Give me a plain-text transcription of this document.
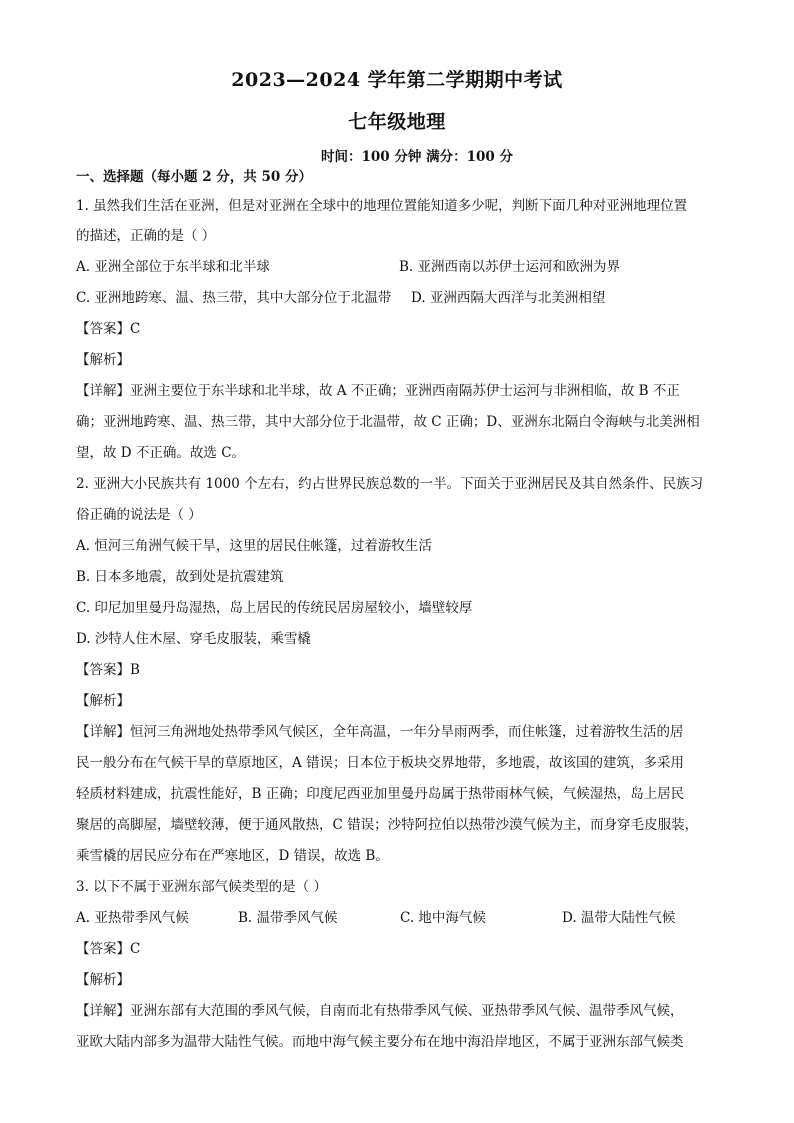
2023—2024 学年第二学期期中考试
七年级地理
时间：100 分钟 满分：100 分
一、选择题（每小题 2 分，共 50 分）
1. 虽然我们生活在亚洲，但是对亚洲在全球中的地理位置能知道多少呢，判断下面几种对亚洲地理位置
的描述，正确的是（ ）
A. 亚洲全部位于东半球和北半球	B. 亚洲西南以苏伊士运河和欧洲为界
C. 亚洲地跨寒、温、热三带，其中大部分位于北温带 D. 亚洲西隔大西洋与北美洲相望
【答案】C
【解析】
【详解】亚洲主要位于东半球和北半球，故 A 不正确；亚洲西南隔苏伊士运河与非洲相临，故 B 不正
确；亚洲地跨寒、温、热三带，其中大部分位于北温带，故 C 正确；D、亚洲东北隔白令海峡与北美洲相
望，故 D 不正确。故选 C。
2. 亚洲大小民族共有 1000 个左右，约占世界民族总数的一半。下面关于亚洲居民及其自然条件、民族习
俗正确的说法是（ ）
A. 恒河三角洲气候干旱，这里的居民住帐篷，过着游牧生活
B. 日本多地震，故到处是抗震建筑
C. 印尼加里曼丹岛湿热，岛上居民的传统民居房屋较小，墙壁较厚
D. 沙特人住木屋、穿毛皮服装，乘雪橇
【答案】B
【解析】
【详解】恒河三角洲地处热带季风气候区，全年高温，一年分旱雨两季，而住帐篷，过着游牧生活的居
民一般分布在气候干旱的草原地区，A 错误；日本位于板块交界地带，多地震，故该国的建筑，多采用
轻质材料建成，抗震性能好，B 正确；印度尼西亚加里曼丹岛属于热带雨林气候，气候湿热，岛上居民
聚居的高脚屋，墙壁较薄，便于通风散热，C 错误；沙特阿拉伯以热带沙漠气候为主，而身穿毛皮服装，
乘雪橇的居民应分布在严寒地区，D 错误，故选 B。
3. 以下不属于亚洲东部气候类型的是（ ）
A. 亚热带季风气候	B. 温带季风气候	C. 地中海气候	D. 温带大陆性气候
【答案】C
【解析】
【详解】亚洲东部有大范围的季风气候，自南而北有热带季风气候、亚热带季风气候、温带季风气候，
亚欧大陆内部多为温带大陆性气候。而地中海气候主要分布在地中海沿岸地区，不属于亚洲东部气候类
